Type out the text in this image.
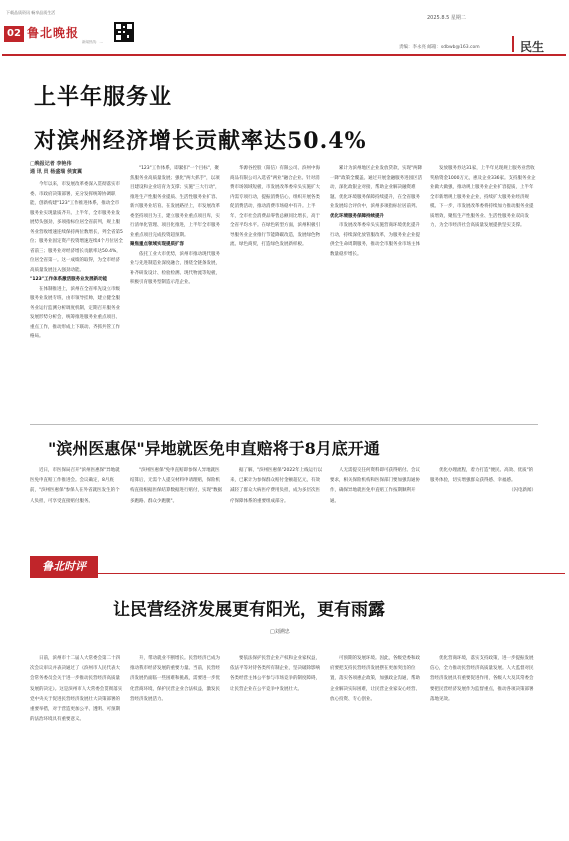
下载品质资讯 畅享品质生活
02 鲁北晚报
新闻热线：...
2025.8.5 星期二
责编：李永亮 邮箱：sdbwb@163.com	民生
上半年服务业
对滨州经济增长贡献率达50.4%
□晚报记者 李艳伟
通 讯 员 杨盛瑞 侯寅翼

今年以来，市发展改革委深入贯彻落实市委、市政府决策部署，充分发挥统筹协调职能，创新构建"123"工作推进体系，推动全市服务业实现量质齐升。上半年，全市服务业发展势头强劲，多项指标位居全省前列，规上服务业营收增速连续保持两位数增长，列全省第5位；服务业固定资产投资增速连续4个月位居全省前三；服务业对经济增长贡献率达50.4%，位居全省第一。这一成绩的取得，为全市经济高质量发展注入强劲动能。

"123"工作体系激活服务业发展新动能

在体制推进上，滨州在全省率先设立市级服务业发展专班，由市领导挂帅，建立健全服务业运行监测分析调度机制，定期召开服务业发展形势分析会，统筹推进服务业重点项目、重点工作，推动形成上下联动、齐抓共管工作格局。

"123"工作体系，即紧扣"一个目标"，聚焦服务业高质量发展；强化"两大抓手"，以项目建设和企业培育为支撑；实施"三大行动"，推进生产性服务业提质、生活性服务业扩容、新兴服务业培育。在发展路径上，市发展改革委坚持项目为王，建立服务业重点项目库，实行清单化管理、项目化推进，上半年全市服务业重点项目完成投资超预期。

聚焦重点领域实现提质扩容

依托工业大市优势，滨州市推动现代服务业与先进制造业深度融合，围绕全链条发展，补齐研发设计、检验检测、现代物流等短板，积极引育服务型制造示范企业。

华源谷控股（阳信）有限公司、滨州中海商品有限公司入选省"两业"融合企业。针对消费市场领域短板，市发展改革委牵头实施扩大内需专项行动，提振消费信心，组织开展各类促消费活动，推动消费市场稳中有升。上半年，全市社会消费品零售总额同比增长，高于全省平均水平。在绿色转型方面，滨州积极引导服务业企业推行节能降碳改造，发展绿色物流、绿色商贸，打造绿色发展新样板。

累计为滨州地区企业发放贷款，实现"两降一降"政策全覆盖。通过开展金融服务进园区活动，深化政银企对接，帮助企业解决融资难题。优化环境服务保障持续提升，在全省服务业发展综合评价中，滨州多项指标位居前列。

优化环境服务保障持续提升

市发展改革委牵头实施营商环境优化提升行动，持续深化放管服改革，为服务业企业提供全生命周期服务，推动全市服务业市场主体数量稳步增长。

发放服务券达31家，上半年兑现规上服务业营收奖励资金1000万元，惠及企业336家。支持服务业企业做大做强，推动规上服务业企业扩容提质，上半年全市新增规上服务业企业，持续扩大服务业经济规模。下一步，市发展改革委将持续加力推动服务业提质增效，聚焦生产性服务业、生活性服务业双向发力，为全市经济社会高质量发展提供坚实支撑。

"滨州医惠保"异地就医免申直赔将于8月底开通

近日，市医保局召开"滨州医惠保"异地就医免申直赔工作推进会。会议确定，8月底前，"滨州医惠保"参保人在外省就医发生的个人负担，可享受直接赔付服务。

"滨州医惠保"免申直赔即参保人异地就医结算后，无需个人提交材料申请理赔，保险机构直接根据医保结算数据进行赔付，实现"数据多跑路、群众少跑腿"。

据了解，"滨州医惠保"2022年上线运行以来，已累计为参保群众赔付金额超亿元，有效减轻了群众大病医疗费用负担，成为多层次医疗保障体系的重要组成部分。

人无需提交任何资料即可获得赔付。会议要求，相关保险机构和医保部门要加强沟通协作，确保异地就医免申直赔工作按期顺利开通。

优化办理流程，着力打造"便民、高效、优质"的服务体验，切实增强群众获得感、幸福感。

（闪电新闻）

鲁北时评
让民营经济发展更有阳光，更有雨露
□刘溯忠

日前，滨州市十二届人大常委会第二十四次会议审议并表决通过了《滨州市人民代表大会常务委员会关于进一步推动民营经济高质量发展的决定》。这是滨州市人大常委会贯彻落实党中央关于促进民营经济发展壮大决策部署的重要举措，对于营造更加公平、透明、可预期的法治环境具有重要意义。

升，带动就业不断增长。民营经济已成为推动我市经济发展的重要力量。当前，民营经济发展仍面临一些困难和挑战，需要进一步优化营商环境，保护民营企业合法权益，激发民营经济发展活力。

要依法保护民营企业产权和企业家权益，依法平等对待各类所有制企业，坚决破除影响各类经营主体公平参与市场竞争的制度障碍，让民营企业在公平竞争中发展壮大。

可预期的发展环境。因此，各级党委和政府要把支持民营经济发展摆在更加突出的位置，落实各项惠企政策，加强政企沟通，帮助企业解决实际困难，让民营企业家安心经营、放心投资、专心创业。

优化营商环境，落实支持政策，进一步提振发展信心，全力推动民营经济高质量发展。人大监督对民营经济发展具有重要促进作用，各级人大及其常委会要把民营经济发展作为监督重点，推动各项决策部署落地见效。
